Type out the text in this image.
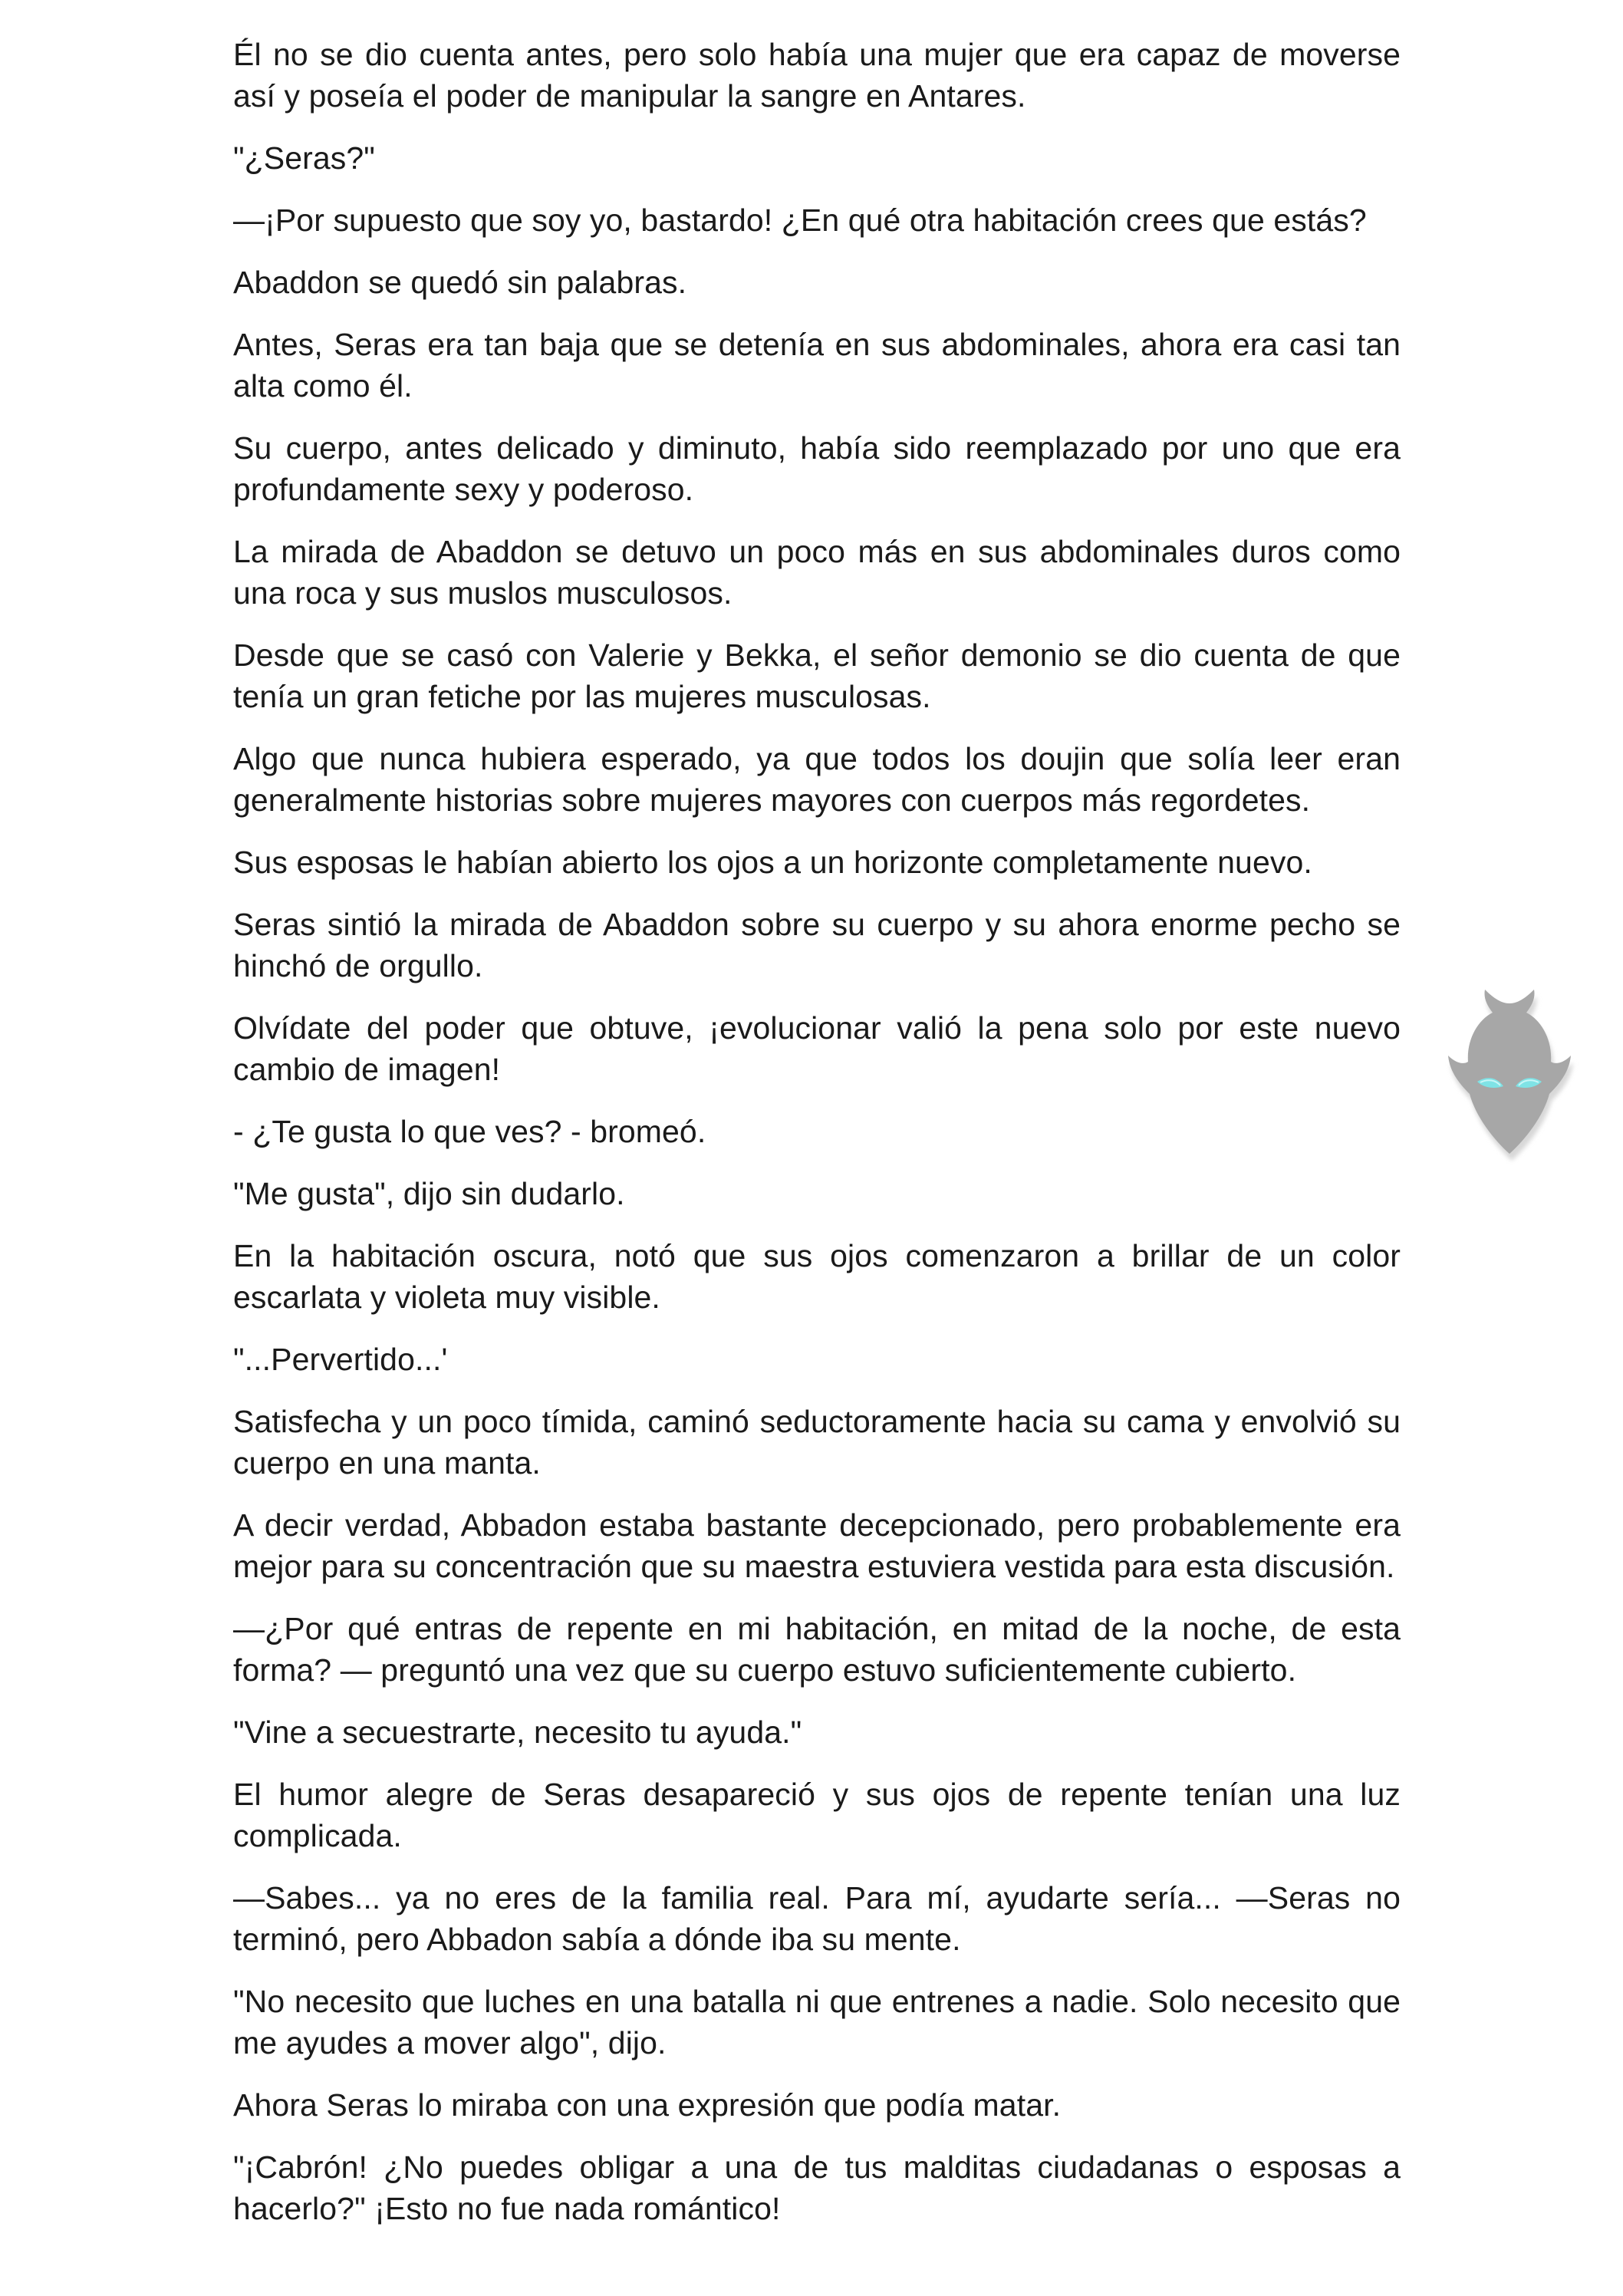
Él no se dio cuenta antes, pero solo había una mujer que era capaz de moverse así y poseía el poder de manipular la sangre en Antares.

"¿Seras?"

—¡Por supuesto que soy yo, bastardo! ¿En qué otra habitación crees que estás?

Abaddon se quedó sin palabras.

Antes, Seras era tan baja que se detenía en sus abdominales, ahora era casi tan alta como él.

Su cuerpo, antes delicado y diminuto, había sido reemplazado por uno que era profundamente sexy y poderoso.

La mirada de Abaddon se detuvo un poco más en sus abdominales duros como una roca y sus muslos musculosos.

Desde que se casó con Valerie y Bekka, el señor demonio se dio cuenta de que tenía un gran fetiche por las mujeres musculosas.

Algo que nunca hubiera esperado, ya que todos los doujin que solía leer eran generalmente historias sobre mujeres mayores con cuerpos más regordetes.

Sus esposas le habían abierto los ojos a un horizonte completamente nuevo.

Seras sintió la mirada de Abaddon sobre su cuerpo y su ahora enorme pecho se hinchó de orgullo.

Olvídate del poder que obtuve, ¡evolucionar valió la pena solo por este nuevo cambio de imagen!

- ¿Te gusta lo que ves? - bromeó.

"Me gusta", dijo sin dudarlo.

En la habitación oscura, notó que sus ojos comenzaron a brillar de un color escarlata y violeta muy visible.

"...Pervertido...'

Satisfecha y un poco tímida, caminó seductoramente hacia su cama y envolvió su cuerpo en una manta.

A decir verdad, Abbadon estaba bastante decepcionado, pero probablemente era mejor para su concentración que su maestra estuviera vestida para esta discusión.

—¿Por qué entras de repente en mi habitación, en mitad de la noche, de esta forma? — preguntó una vez que su cuerpo estuvo suficientemente cubierto.

"Vine a secuestrarte, necesito tu ayuda."

El humor alegre de Seras desapareció y sus ojos de repente tenían una luz complicada.

—Sabes... ya no eres de la familia real. Para mí, ayudarte sería... —Seras no terminó, pero Abbadon sabía a dónde iba su mente.

"No necesito que luches en una batalla ni que entrenes a nadie. Solo necesito que me ayudes a mover algo", dijo.

Ahora Seras lo miraba con una expresión que podía matar.

"¡Cabrón! ¿No puedes obligar a una de tus malditas ciudadanas o esposas a hacerlo?" ¡Esto no fue nada romántico!
